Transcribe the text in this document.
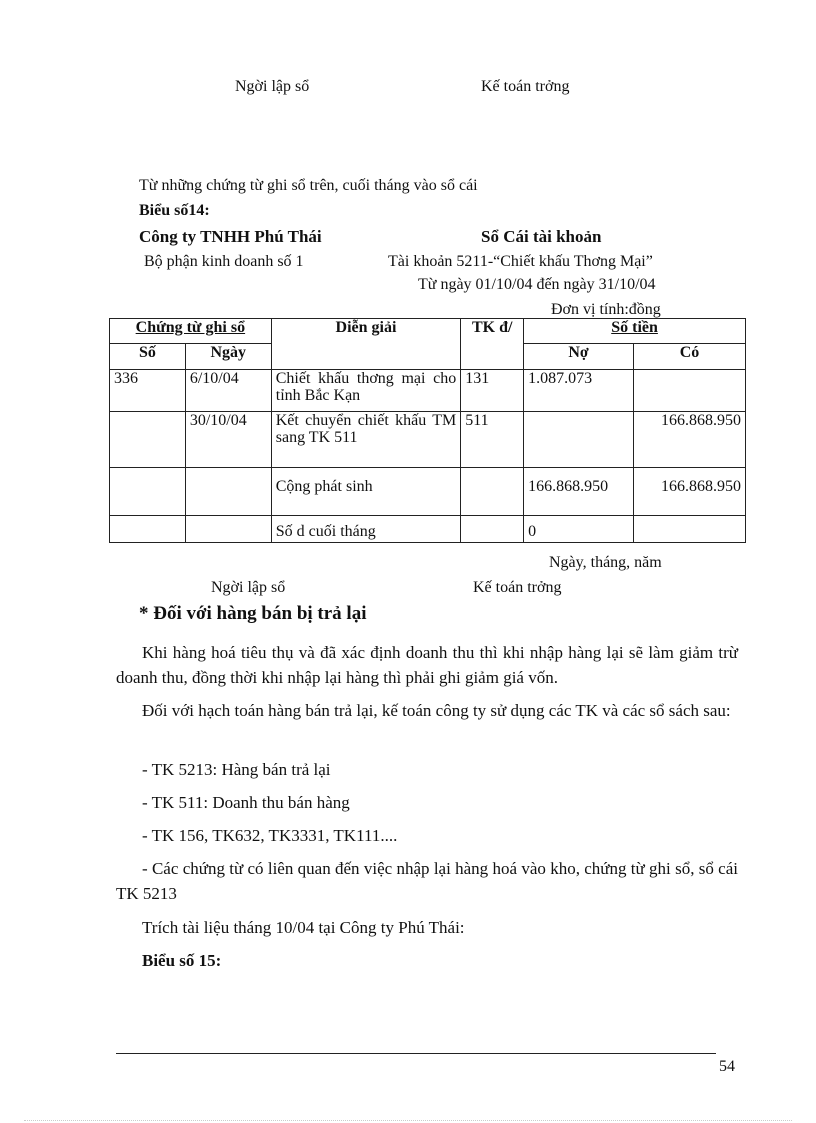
Ngời lập sổ	Kế toán trởng
Từ những chứng từ ghi sổ trên, cuối tháng vào sổ cái
Biểu số14:
Công ty TNHH Phú Thái	Sổ Cái tài khoản
Bộ phận kinh doanh số 1	Tài khoản 5211-“Chiết khấu Thơng Mại”
Từ ngày 01/10/04 đến ngày 31/10/04
Đơn vị tính:đồng
Chứng từ ghi sổ		Diễn giải	TK đ/	Số tiền	
Số	Ngày			Nợ	Có
336	6/10/04	Chiết khấu thơng mại cho tỉnh Bắc Kạn	131	1.087.073	
	30/10/04	Kết chuyển chiết khấu TM sang TK 511	511		166.868.950
		Cộng phát sinh		166.868.950	166.868.950
		Số d cuối tháng		0	
Ngày, tháng, năm
Ngời lập sổ	Kế toán trởng
* Đối với hàng bán bị trả lại
Khi hàng hoá tiêu thụ và đã xác định doanh thu thì khi nhập hàng lại sẽ làm giảm trừ doanh thu, đồng thời khi nhập lại hàng thì phải ghi giảm giá vốn.
Đối với hạch toán hàng bán trả lại, kế toán công ty sử dụng các TK và các sổ sách sau:
- TK 5213: Hàng bán trả lại
- TK 511: Doanh thu bán hàng
- TK 156, TK632, TK3331, TK111....
- Các chứng từ có liên quan đến việc nhập lại hàng hoá vào kho, chứng từ ghi sổ, sổ cái TK 5213
Trích tài liệu tháng 10/04 tại Công ty Phú Thái:
Biểu số 15:
54
